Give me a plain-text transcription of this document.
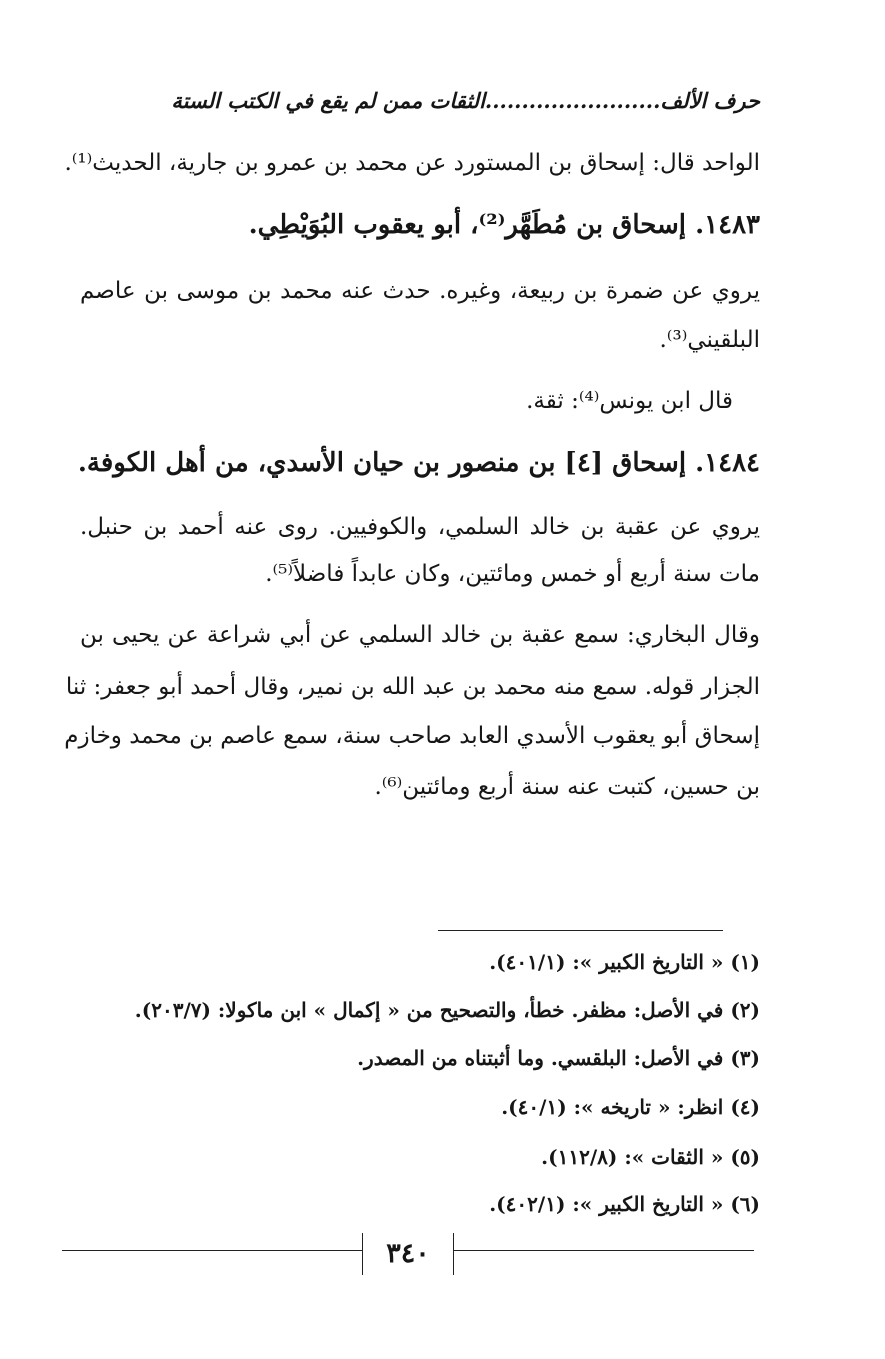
حرف الألف........................الثقات ممن لم يقع في الكتب الستة
الواحد قال: إسحاق بن المستورد عن محمد بن عمرو بن جارية، الحديث⁽¹⁾.
١٤٨٣. إسحاق بن مُطَهَّر⁽²⁾، أبو يعقوب البُوَيْطِي.
يروي عن ضمرة بن ربيعة، وغيره. حدث عنه محمد بن موسى بن عاصم
البلقيني⁽³⁾.
قال ابن يونس⁽⁴⁾: ثقة.
١٤٨٤. إسحاق [٤] بن منصور بن حيان الأسدي، من أهل الكوفة.
يروي عن عقبة بن خالد السلمي، والكوفيين. روى عنه أحمد بن حنبل.
مات سنة أربع أو خمس ومائتين، وكان عابداً فاضلاً⁽⁵⁾.
وقال البخاري: سمع عقبة بن خالد السلمي عن أبي شراعة عن يحيى بن
الجزار قوله. سمع منه محمد بن عبد الله بن نمير، وقال أحمد أبو جعفر: ثنا
إسحاق أبو يعقوب الأسدي العابد صاحب سنة، سمع عاصم بن محمد وخازم
بن حسين، كتبت عنه سنة أربع ومائتين⁽⁶⁾.
(١) « التاريخ الكبير »: (٤٠١/١).
(٢) في الأصل: مظفر. خطأ، والتصحيح من « إكمال » ابن ماكولا: (٢٠٣/٧).
(٣) في الأصل: البلقسي. وما أثبتناه من المصدر.
(٤) انظر: « تاريخه »: (٤٠/١).
(٥) « الثقات »: (١١٢/٨).
(٦) « التاريخ الكبير »: (٤٠٢/١).
٣٤٠
